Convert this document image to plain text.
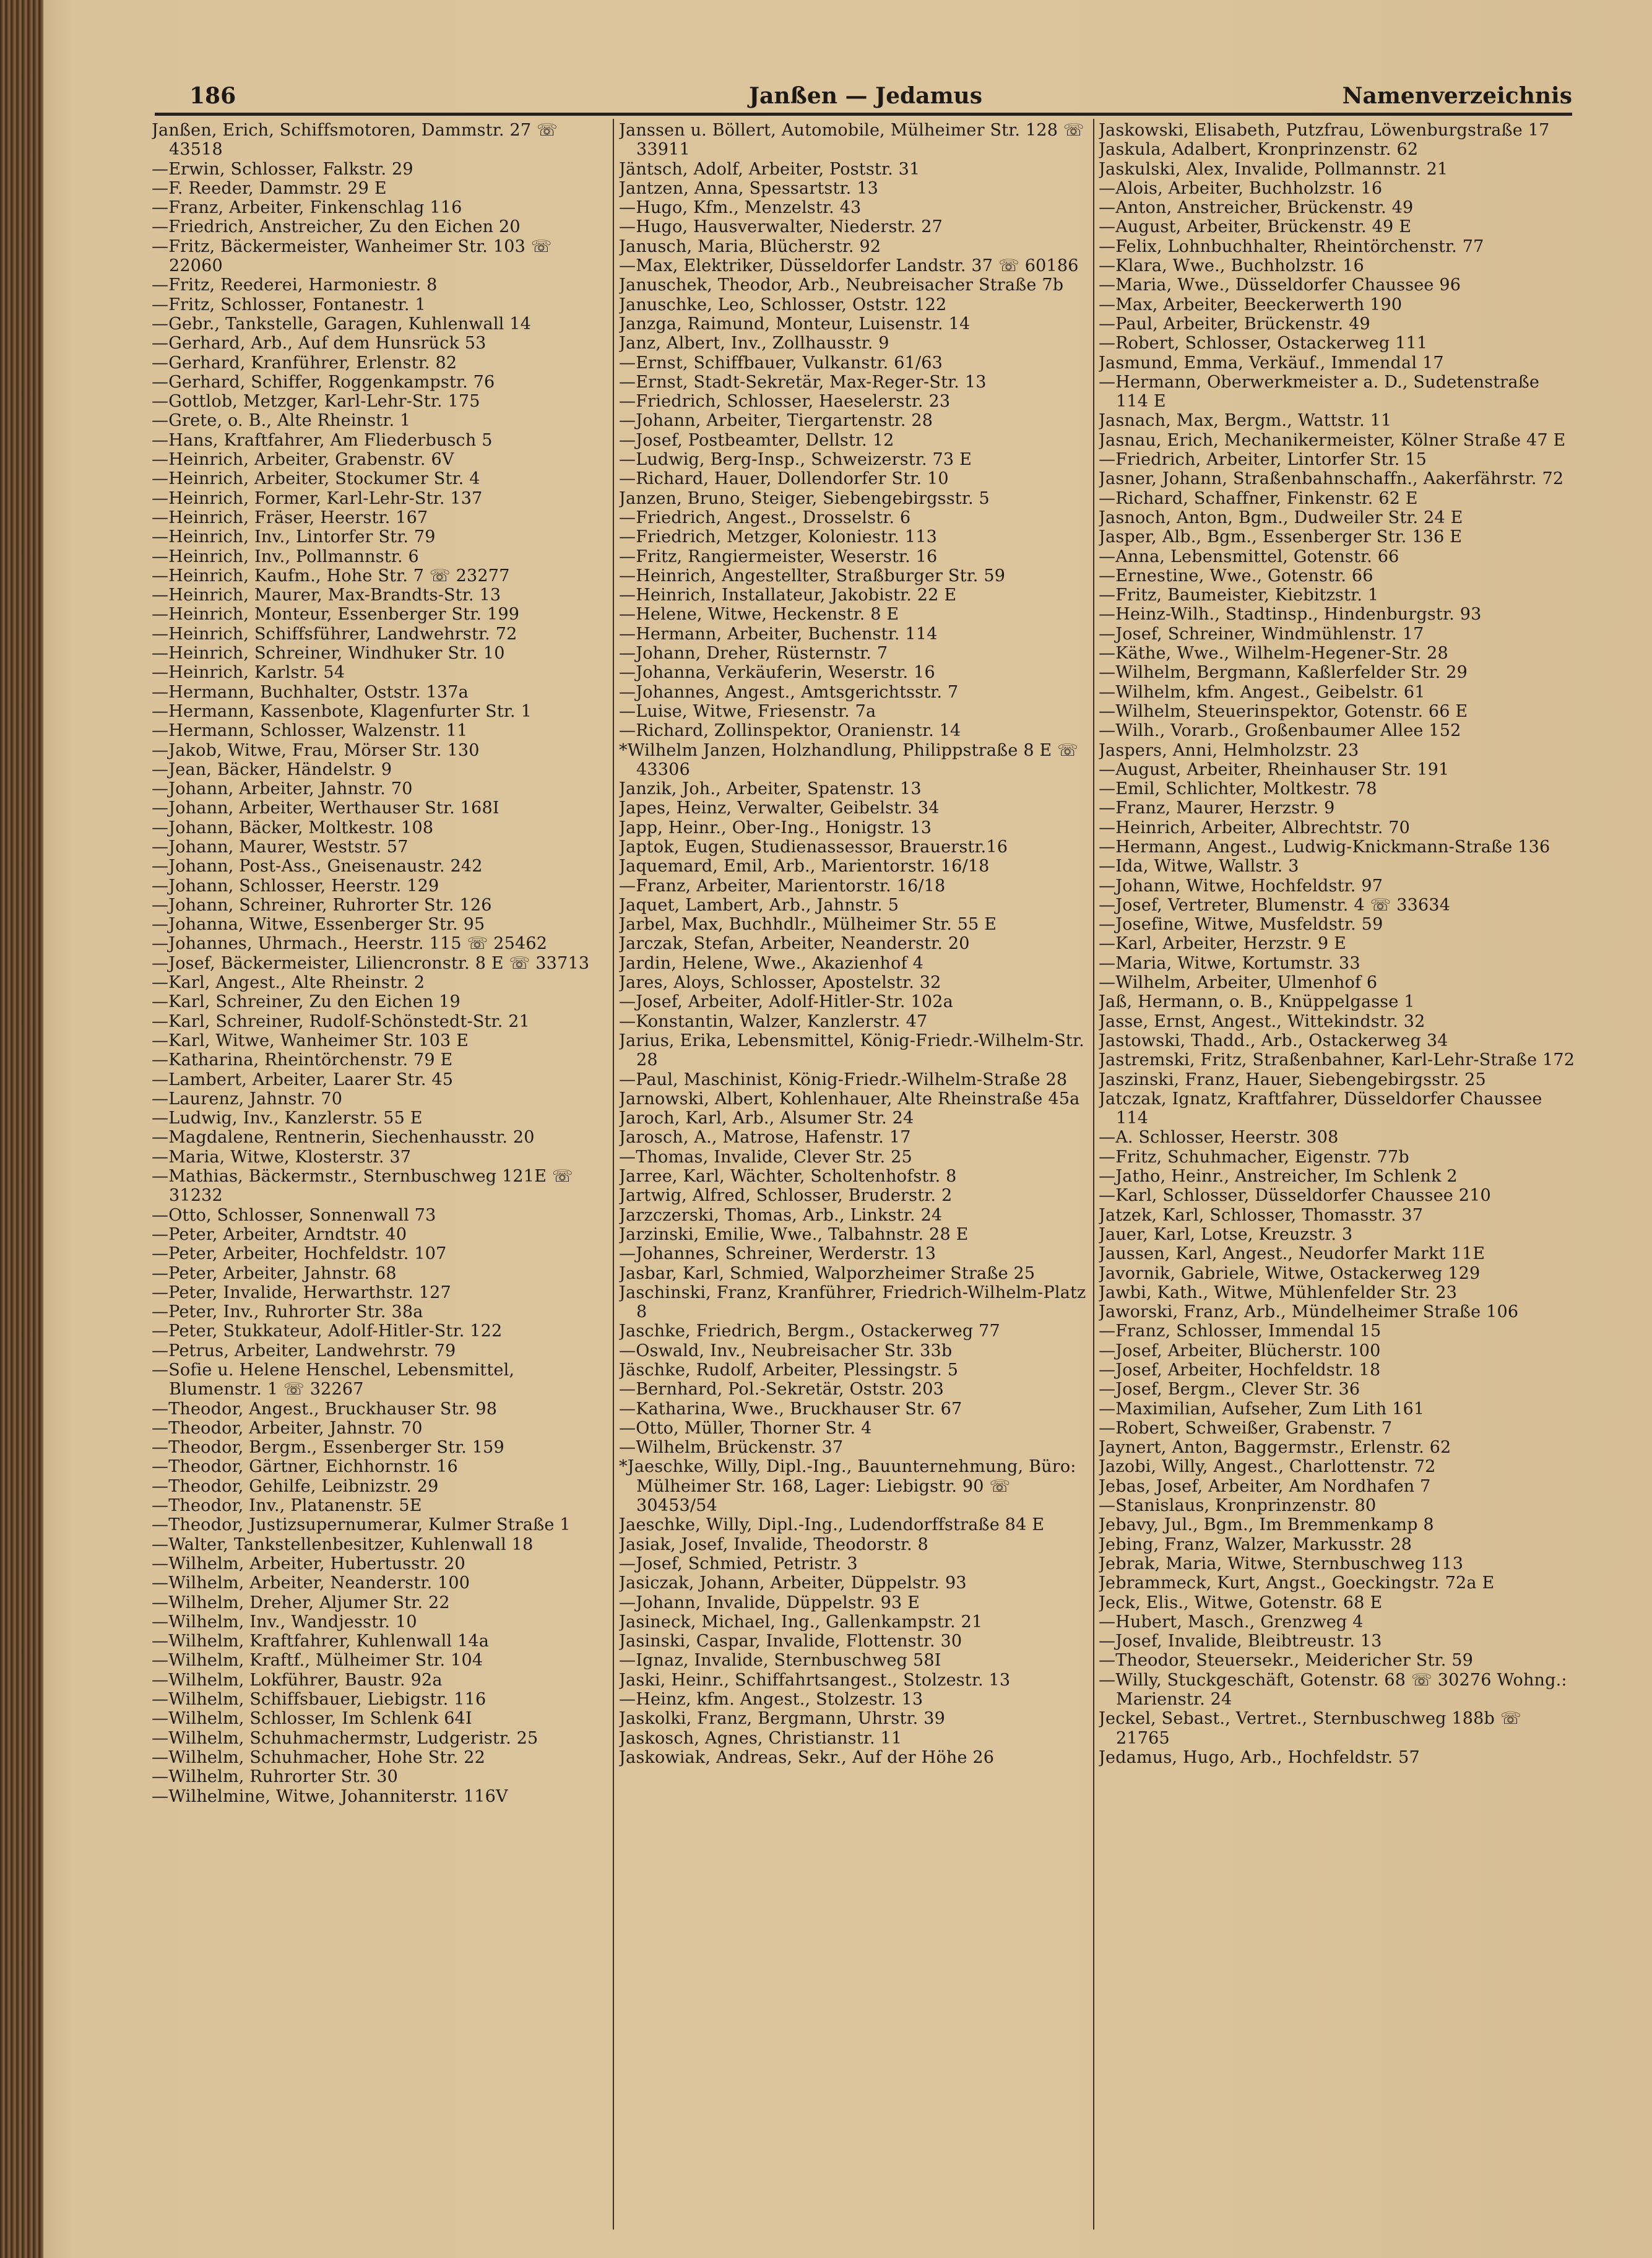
186	Janßen — Jedamus	Namenverzeichnis

Janßen, Erich, Schiffsmotoren, Dammstr. 27 ☏ 43518

—Erwin, Schlosser, Falkstr. 29

—F. Reeder, Dammstr. 29 E

—Franz, Arbeiter, Finkenschlag 116

—Friedrich, Anstreicher, Zu den Eichen 20

—Fritz, Bäckermeister, Wanheimer Str. 103 ☏ 22060

—Fritz, Reederei, Harmoniestr. 8

—Fritz, Schlosser, Fontanestr. 1

—Gebr., Tankstelle, Garagen, Kuhlenwall 14

—Gerhard, Arb., Auf dem Hunsrück 53

—Gerhard, Kranführer, Erlenstr. 82

—Gerhard, Schiffer, Roggenkampstr. 76

—Gottlob, Metzger, Karl-Lehr-Str. 175

—Grete, o. B., Alte Rheinstr. 1

—Hans, Kraftfahrer, Am Fliederbusch 5

—Heinrich, Arbeiter, Grabenstr. 6V

—Heinrich, Arbeiter, Stockumer Str. 4

—Heinrich, Former, Karl-Lehr-Str. 137

—Heinrich, Fräser, Heerstr. 167

—Heinrich, Inv., Lintorfer Str. 79

—Heinrich, Inv., Pollmannstr. 6

—Heinrich, Kaufm., Hohe Str. 7 ☏ 23277

—Heinrich, Maurer, Max-Brandts-Str. 13

—Heinrich, Monteur, Essenberger Str. 199

—Heinrich, Schiffsführer, Landwehrstr. 72

—Heinrich, Schreiner, Windhuker Str. 10

—Heinrich, Karlstr. 54

—Hermann, Buchhalter, Oststr. 137a

—Hermann, Kassenbote, Klagenfurter Str. 1

—Hermann, Schlosser, Walzenstr. 11

—Jakob, Witwe, Frau, Mörser Str. 130

—Jean, Bäcker, Händelstr. 9

—Johann, Arbeiter, Jahnstr. 70

—Johann, Arbeiter, Werthauser Str. 168I

—Johann, Bäcker, Moltkestr. 108

—Johann, Maurer, Weststr. 57

—Johann, Post-Ass., Gneisenaustr. 242

—Johann, Schlosser, Heerstr. 129

—Johann, Schreiner, Ruhrorter Str. 126

—Johanna, Witwe, Essenberger Str. 95

—Johannes, Uhrmach., Heerstr. 115 ☏ 25462

—Josef, Bäckermeister, Liliencronstr. 8 E ☏ 33713

—Karl, Angest., Alte Rheinstr. 2

—Karl, Schreiner, Zu den Eichen 19

—Karl, Schreiner, Rudolf-Schönstedt-Str. 21

—Karl, Witwe, Wanheimer Str. 103 E

—Katharina, Rheintörchenstr. 79 E

—Lambert, Arbeiter, Laarer Str. 45

—Laurenz, Jahnstr. 70

—Ludwig, Inv., Kanzlerstr. 55 E

—Magdalene, Rentnerin, Siechenhausstr. 20

—Maria, Witwe, Klosterstr. 37

—Mathias, Bäckermstr., Sternbuschweg 121E ☏ 31232

—Otto, Schlosser, Sonnenwall 73

—Peter, Arbeiter, Arndtstr. 40

—Peter, Arbeiter, Hochfeldstr. 107

—Peter, Arbeiter, Jahnstr. 68

—Peter, Invalide, Herwarthstr. 127

—Peter, Inv., Ruhrorter Str. 38a

—Peter, Stukkateur, Adolf-Hitler-Str. 122

—Petrus, Arbeiter, Landwehrstr. 79

—Sofie u. Helene Henschel, Lebensmittel, Blumenstr. 1 ☏ 32267

—Theodor, Angest., Bruckhauser Str. 98

—Theodor, Arbeiter, Jahnstr. 70

—Theodor, Bergm., Essenberger Str. 159

—Theodor, Gärtner, Eichhornstr. 16

—Theodor, Gehilfe, Leibnizstr. 29

—Theodor, Inv., Platanenstr. 5E

—Theodor, Justizsupernumerar, Kulmer Straße 1

—Walter, Tankstellenbesitzer, Kuhlenwall 18

—Wilhelm, Arbeiter, Hubertusstr. 20

—Wilhelm, Arbeiter, Neanderstr. 100

—Wilhelm, Dreher, Aljumer Str. 22

—Wilhelm, Inv., Wandjesstr. 10

—Wilhelm, Kraftfahrer, Kuhlenwall 14a

—Wilhelm, Kraftf., Mülheimer Str. 104

—Wilhelm, Lokführer, Baustr. 92a

—Wilhelm, Schiffsbauer, Liebigstr. 116

—Wilhelm, Schlosser, Im Schlenk 64I

—Wilhelm, Schuhmachermstr, Ludgeristr. 25

—Wilhelm, Schuhmacher, Hohe Str. 22

—Wilhelm, Ruhrorter Str. 30

—Wilhelmine, Witwe, Johanniterstr. 116V

Janssen u. Böllert, Automobile, Mülheimer Str. 128 ☏ 33911

Jäntsch, Adolf, Arbeiter, Poststr. 31

Jantzen, Anna, Spessartstr. 13

—Hugo, Kfm., Menzelstr. 43

—Hugo, Hausverwalter, Niederstr. 27

Janusch, Maria, Blücherstr. 92

—Max, Elektriker, Düsseldorfer Landstr. 37 ☏ 60186

Januschek, Theodor, Arb., Neubreisacher Straße 7b

Januschke, Leo, Schlosser, Oststr. 122

Janzga, Raimund, Monteur, Luisenstr. 14

Janz, Albert, Inv., Zollhausstr. 9

—Ernst, Schiffbauer, Vulkanstr. 61/63

—Ernst, Stadt-Sekretär, Max-Reger-Str. 13

—Friedrich, Schlosser, Haeselerstr. 23

—Johann, Arbeiter, Tiergartenstr. 28

—Josef, Postbeamter, Dellstr. 12

—Ludwig, Berg-Insp., Schweizerstr. 73 E

—Richard, Hauer, Dollendorfer Str. 10

Janzen, Bruno, Steiger, Siebengebirgsstr. 5

—Friedrich, Angest., Drosselstr. 6

—Friedrich, Metzger, Koloniestr. 113

—Fritz, Rangiermeister, Weserstr. 16

—Heinrich, Angestellter, Straßburger Str. 59

—Heinrich, Installateur, Jakobistr. 22 E

—Helene, Witwe, Heckenstr. 8 E

—Hermann, Arbeiter, Buchenstr. 114

—Johann, Dreher, Rüsternstr. 7

—Johanna, Verkäuferin, Weserstr. 16

—Johannes, Angest., Amtsgerichtsstr. 7

—Luise, Witwe, Friesenstr. 7a

—Richard, Zollinspektor, Oranienstr. 14

*Wilhelm Janzen, Holzhandlung, Philippstraße 8 E ☏ 43306

Janzik, Joh., Arbeiter, Spatenstr. 13

Japes, Heinz, Verwalter, Geibelstr. 34

Japp, Heinr., Ober-Ing., Honigstr. 13

Japtok, Eugen, Studienassessor, Brauerstr.16

Jaquemard, Emil, Arb., Marientorstr. 16/18

—Franz, Arbeiter, Marientorstr. 16/18

Jaquet, Lambert, Arb., Jahnstr. 5

Jarbel, Max, Buchhdlr., Mülheimer Str. 55 E

Jarczak, Stefan, Arbeiter, Neanderstr. 20

Jardin, Helene, Wwe., Akazienhof 4

Jares, Aloys, Schlosser, Apostelstr. 32

—Josef, Arbeiter, Adolf-Hitler-Str. 102a

—Konstantin, Walzer, Kanzlerstr. 47

Jarius, Erika, Lebensmittel, König-Friedr.-Wilhelm-Str. 28

—Paul, Maschinist, König-Friedr.-Wilhelm-Straße 28

Jarnowski, Albert, Kohlenhauer, Alte Rheinstraße 45a

Jaroch, Karl, Arb., Alsumer Str. 24

Jarosch, A., Matrose, Hafenstr. 17

—Thomas, Invalide, Clever Str. 25

Jarree, Karl, Wächter, Scholtenhofstr. 8

Jartwig, Alfred, Schlosser, Bruderstr. 2

Jarzczerski, Thomas, Arb., Linkstr. 24

Jarzinski, Emilie, Wwe., Talbahnstr. 28 E

—Johannes, Schreiner, Werderstr. 13

Jasbar, Karl, Schmied, Walporzheimer Straße 25

Jaschinski, Franz, Kranführer, Friedrich-Wilhelm-Platz 8

Jaschke, Friedrich, Bergm., Ostackerweg 77

—Oswald, Inv., Neubreisacher Str. 33b

Jäschke, Rudolf, Arbeiter, Plessingstr. 5

—Bernhard, Pol.-Sekretär, Oststr. 203

—Katharina, Wwe., Bruckhauser Str. 67

—Otto, Müller, Thorner Str. 4

—Wilhelm, Brückenstr. 37

*Jaeschke, Willy, Dipl.-Ing., Bauunternehmung, Büro: Mülheimer Str. 168, Lager: Liebigstr. 90 ☏ 30453/54

Jaeschke, Willy, Dipl.-Ing., Ludendorffstraße 84 E

Jasiak, Josef, Invalide, Theodorstr. 8

—Josef, Schmied, Petristr. 3

Jasiczak, Johann, Arbeiter, Düppelstr. 93

—Johann, Invalide, Düppelstr. 93 E

Jasineck, Michael, Ing., Gallenkampstr. 21

Jasinski, Caspar, Invalide, Flottenstr. 30

—Ignaz, Invalide, Sternbuschweg 58I

Jaski, Heinr., Schiffahrtsangest., Stolzestr. 13

—Heinz, kfm. Angest., Stolzestr. 13

Jaskolki, Franz, Bergmann, Uhrstr. 39

Jaskosch, Agnes, Christianstr. 11

Jaskowiak, Andreas, Sekr., Auf der Höhe 26

Jaskowski, Elisabeth, Putzfrau, Löwenburgstraße 17

Jaskula, Adalbert, Kronprinzenstr. 62

Jaskulski, Alex, Invalide, Pollmannstr. 21

—Alois, Arbeiter, Buchholzstr. 16

—Anton, Anstreicher, Brückenstr. 49

—August, Arbeiter, Brückenstr. 49 E

—Felix, Lohnbuchhalter, Rheintörchenstr. 77

—Klara, Wwe., Buchholzstr. 16

—Maria, Wwe., Düsseldorfer Chaussee 96

—Max, Arbeiter, Beeckerwerth 190

—Paul, Arbeiter, Brückenstr. 49

—Robert, Schlosser, Ostackerweg 111

Jasmund, Emma, Verkäuf., Immendal 17

—Hermann, Oberwerkmeister a. D., Sudetenstraße 114 E

Jasnach, Max, Bergm., Wattstr. 11

Jasnau, Erich, Mechanikermeister, Kölner Straße 47 E

—Friedrich, Arbeiter, Lintorfer Str. 15

Jasner, Johann, Straßenbahnschaffn., Aakerfährstr. 72

—Richard, Schaffner, Finkenstr. 62 E

Jasnoch, Anton, Bgm., Dudweiler Str. 24 E

Jasper, Alb., Bgm., Essenberger Str. 136 E

—Anna, Lebensmittel, Gotenstr. 66

—Ernestine, Wwe., Gotenstr. 66

—Fritz, Baumeister, Kiebitzstr. 1

—Heinz-Wilh., Stadtinsp., Hindenburgstr. 93

—Josef, Schreiner, Windmühlenstr. 17

—Käthe, Wwe., Wilhelm-Hegener-Str. 28

—Wilhelm, Bergmann, Kaßlerfelder Str. 29

—Wilhelm, kfm. Angest., Geibelstr. 61

—Wilhelm, Steuerinspektor, Gotenstr. 66 E

—Wilh., Vorarb., Großenbaumer Allee 152

Jaspers, Anni, Helmholzstr. 23

—August, Arbeiter, Rheinhauser Str. 191

—Emil, Schlichter, Moltkestr. 78

—Franz, Maurer, Herzstr. 9

—Heinrich, Arbeiter, Albrechtstr. 70

—Hermann, Angest., Ludwig-Knickmann-Straße 136

—Ida, Witwe, Wallstr. 3

—Johann, Witwe, Hochfeldstr. 97

—Josef, Vertreter, Blumenstr. 4 ☏ 33634

—Josefine, Witwe, Musfeldstr. 59

—Karl, Arbeiter, Herzstr. 9 E

—Maria, Witwe, Kortumstr. 33

—Wilhelm, Arbeiter, Ulmenhof 6

Jaß, Hermann, o. B., Knüppelgasse 1

Jasse, Ernst, Angest., Wittekindstr. 32

Jastowski, Thadd., Arb., Ostackerweg 34

Jastremski, Fritz, Straßenbahner, Karl-Lehr-Straße 172

Jaszinski, Franz, Hauer, Siebengebirgsstr. 25

Jatczak, Ignatz, Kraftfahrer, Düsseldorfer Chaussee 114

—A. Schlosser, Heerstr. 308

—Fritz, Schuhmacher, Eigenstr. 77b

—Jatho, Heinr., Anstreicher, Im Schlenk 2

—Karl, Schlosser, Düsseldorfer Chaussee 210

Jatzek, Karl, Schlosser, Thomasstr. 37

Jauer, Karl, Lotse, Kreuzstr. 3

Jaussen, Karl, Angest., Neudorfer Markt 11E

Javornik, Gabriele, Witwe, Ostackerweg 129

Jawbi, Kath., Witwe, Mühlenfelder Str. 23

Jaworski, Franz, Arb., Mündelheimer Straße 106

—Franz, Schlosser, Immendal 15

—Josef, Arbeiter, Blücherstr. 100

—Josef, Arbeiter, Hochfeldstr. 18

—Josef, Bergm., Clever Str. 36

—Maximilian, Aufseher, Zum Lith 161

—Robert, Schweißer, Grabenstr. 7

Jaynert, Anton, Baggermstr., Erlenstr. 62

Jazobi, Willy, Angest., Charlottenstr. 72

Jebas, Josef, Arbeiter, Am Nordhafen 7

—Stanislaus, Kronprinzenstr. 80

Jebavy, Jul., Bgm., Im Bremmenkamp 8

Jebing, Franz, Walzer, Markusstr. 28

Jebrak, Maria, Witwe, Sternbuschweg 113

Jebrammeck, Kurt, Angst., Goeckingstr. 72a E

Jeck, Elis., Witwe, Gotenstr. 68 E

—Hubert, Masch., Grenzweg 4

—Josef, Invalide, Bleibtreustr. 13

—Theodor, Steuersekr., Meidericher Str. 59

—Willy, Stuckgeschäft, Gotenstr. 68 ☏ 30276 Wohng.: Marienstr. 24

Jeckel, Sebast., Vertret., Sternbuschweg 188b ☏ 21765

Jedamus, Hugo, Arb., Hochfeldstr. 57
